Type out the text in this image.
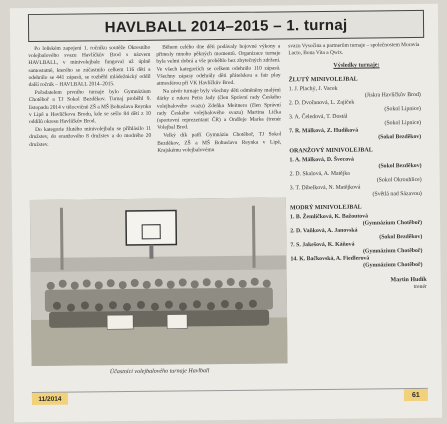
HAVLBALL 2014–2015 – 1. turnaj

Po loňském zapojení 1. ročníku soutěže Okresního volejbalového svazu Havlíčkův Brod s názvem HAVLBALL, v minivolejbale fungoval už úplně samostatně, kterého se zúčastnilo celkem 116 dětí a odehrálo se 441 zápasů, se rozběhl mládežnický oddíl další ročník – HAVLBALL 2014–2015.

Pořadatelem prvního turnaje bylo Gymnázium Chotěboř a TJ Sokol Bezděkov. Turnaj proběhl 9. listopadu 2014 v tělocvičně ZŠ a MŠ Bohuslava Reynka v Lipě u Havlíčkova Brodu, kde se sešlo 84 dětí z 10 oddílů okresu Havlíčkův Brod.

Do kategorie žlutého minivolejbalu se přihlásilo 11 družstev, do oranžového 8 družstev a do modrého 20 družstev.

Během celého dne děti podávaly bojovné výkony a přinesly mnoho pěkných momentů. Organizace turnaje byla velmi dobrá a vše proběhlo bez zbytečných zdržení. Ve všech kategoriích se celkem odehrálo 110 zápasů. Všechny zápasy odehrály děti přátelskou a fair play atmosférou při VK Havlíčkův Brod.

Na závěr turnaje byly všechny děti odměněny malými dárky z rukou Petra Jady (člen Správní rady Českého volejbalového svazu) Zdeňka Meitnera (člen Správní rady Českého volejbalového svazu) Martina Lička (sportovní reprezentant ČR) a Ondřeje Marka (trenér Volejbal Brod.

Velký dík patří Gymnáziu Chotěboř, TJ Sokol Bezděkov, ZŠ a MŠ Bohuslava Reynka v Lipě, Krajskému volejbalovému

svazu Vysočina a partnerům turnaje – společnostem Moravia Lacto, Bona Vita a Qwix.
Výsledky turnaje:
ŽLUTÝ MINIVOLEJBAL
1. J. Plachý, J. Vacek
(Jiskra Havlíčkův Brod)
2. D. Dvořanová, L. Zajíček
(Sokol Lipnice)
3. A. Čeledová, T. Dostál
(Sokol Lipnice)
7. R. Málková, Z. Hudíková
(Sokol Bezděkov)
ORANŽOVÝ MINIVOLEJBAL
1. A. Málková, D. Švecová
(Sokol Bezděkov)
2. D. Skalová, A. Matějka
(Sokol Okrouhlice)
3. T. Dibelková, N. Matějková
(Světlá nad Sázavou)
MODRÝ MINIVOLEJBAL
1. B. Žemličková, K. Bažoutová
(Gymnázium Chotěboř)
2. D. Vaňková, A. Janovská
(Sokol Bezděkov)
7. S. Jakešová, K. Káňová
(Gymnázium Chotěboř)
14. K. Bačkovská, A. Fiedlerová
(Gymnázium Chotěboř)
Martin Hudík
trenér
Účastníci volejbalového turnaje Havlball
11/2014
61
